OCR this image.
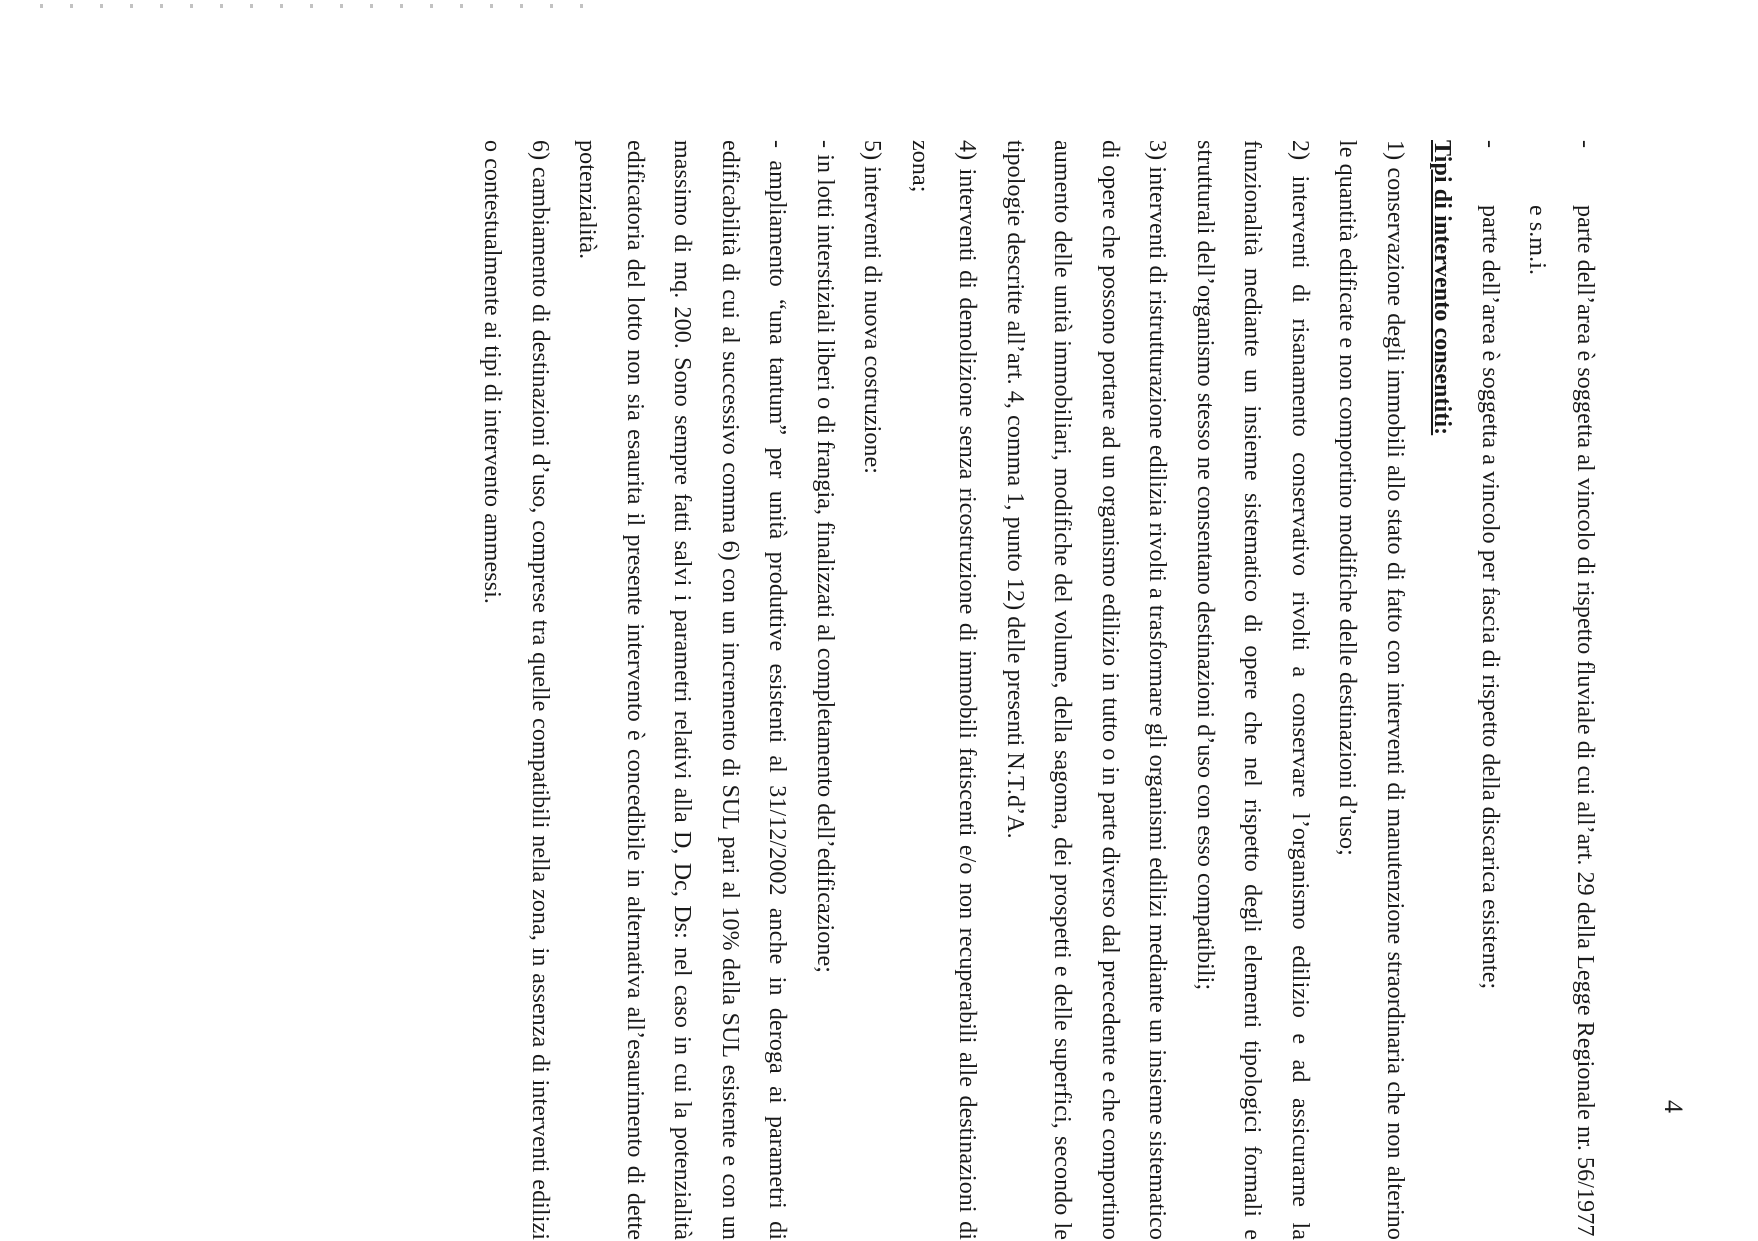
4
-
parte dell’area è soggetta al vincolo di rispetto fluviale di cui all’art. 29 della Legge Regionale nr. 56/1977 e s.m.i.
-
parte dell’area è soggetta a vincolo per fascia di rispetto della discarica esistente;

Tipi di intervento consentiti:

1) conservazione degli immobili allo stato di fatto con interventi di manutenzione straordinaria che non alterino le quantità edificate e non comportino modifiche delle destinazioni d’uso;

2) interventi di risanamento conservativo rivolti a conservare l’organismo edilizio e ad assicurarne la funzionalità mediante un insieme sistematico di opere che nel rispetto degli elementi tipologici formali e strutturali dell’organismo stesso ne consentano destinazioni d’uso con esso compatibili;

3) interventi di ristrutturazione edilizia rivolti a trasformare gli organismi edilizi mediante un insieme sistematico di opere che possono portare ad un organismo edilizio in tutto o in parte diverso dal precedente e che comportino aumento delle unità immobiliari, modifiche del volume, della sagoma, dei prospetti e delle superfici, secondo le tipologie descritte all’art. 4, comma 1, punto 12) delle presenti N.T.d’A.

4) interventi di demolizione senza ricostruzione di immobili fatiscenti e/o non recuperabili alle destinazioni di zona;

5) interventi di nuova costruzione:

- in lotti interstiziali liberi o di frangia, finalizzati al completamento dell’edificazione;

- ampliamento “una tantum” per unità produttive esistenti al 31/12/2002 anche in deroga ai parametri di edificabilità di cui al successivo comma 6) con un incremento di SUL pari al 10% della SUL esistente e con un massimo di mq. 200. Sono sempre fatti salvi i parametri relativi alla D, Dc, Ds: nel caso in cui la potenzialità edificatoria del lotto non sia esaurita il presente intervento è concedibile in alternativa all’esaurimento di dette potenzialità.

6) cambiamento di destinazioni d’uso, comprese tra quelle compatibili nella zona, in assenza di interventi edilizi o contestualmente ai tipi di intervento ammessi.
